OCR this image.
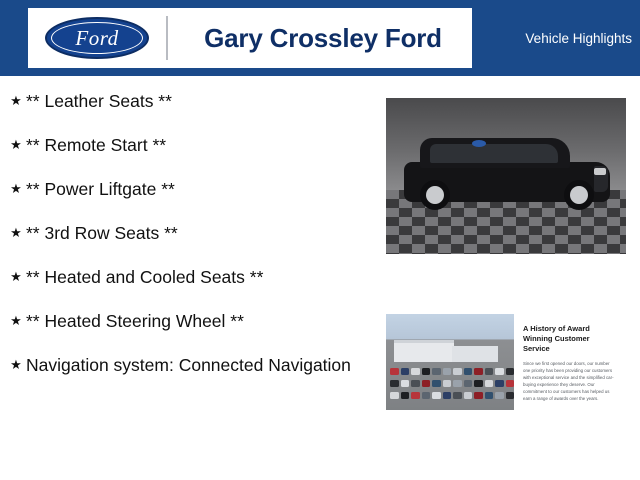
Ford	Gary Crossley Ford	Vehicle Highlights
★ ** Leather Seats **
★ ** Remote Start **
★ ** Power Liftgate **
★ ** 3rd Row Seats **
★ ** Heated and Cooled Seats **
★ ** Heated Steering Wheel **
★ Navigation system: Connected Navigation
A History of Award Winning Customer Service
Since we first opened our doors, our number one priority has been providing our customers with exceptional service and the simplified car-buying experience they deserve. Our commitment to our customers has helped us earn a range of awards over the years.
